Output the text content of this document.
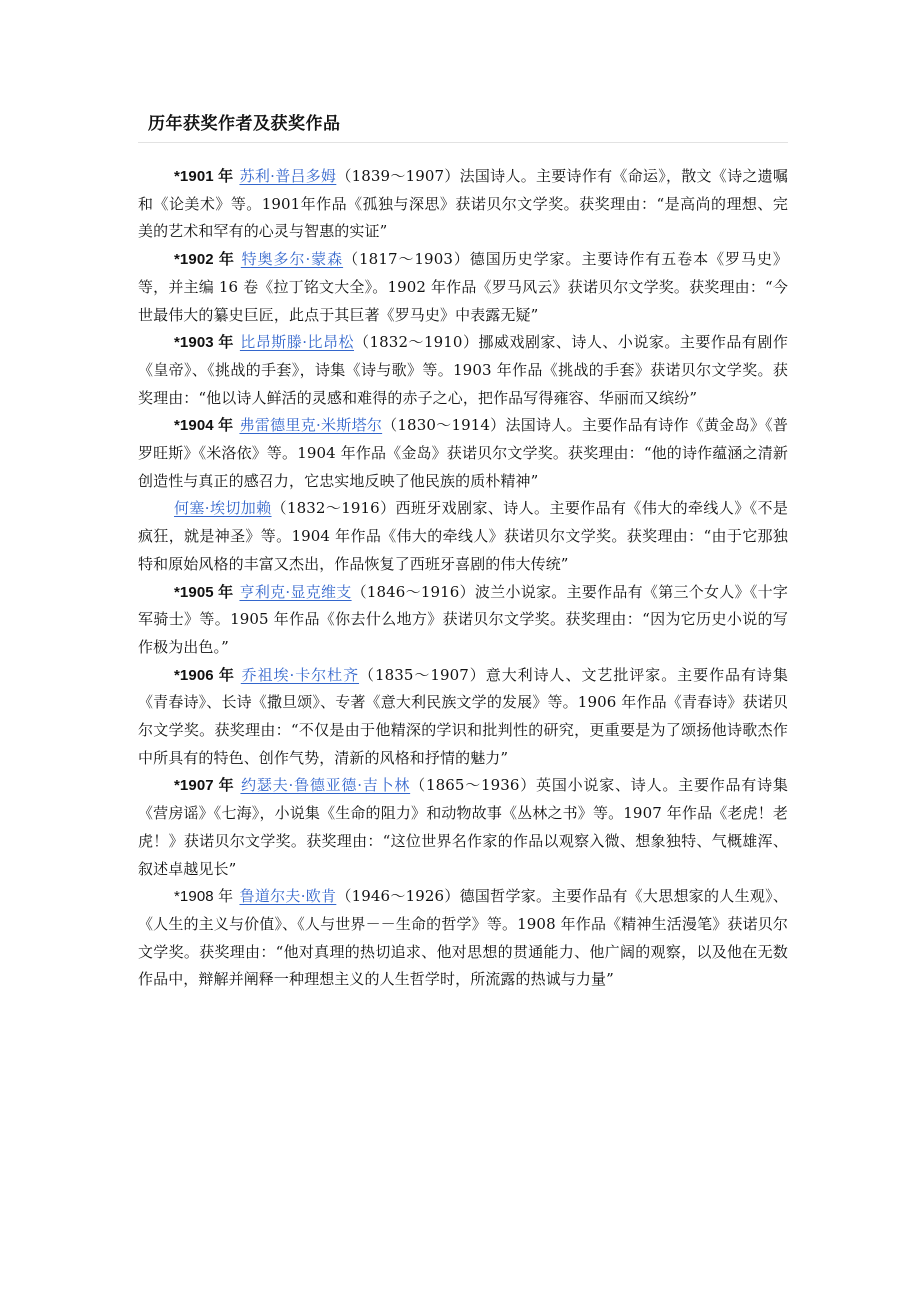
历年获奖作者及获奖作品

*1901 年 苏利·普吕多姆（1839～1907）法国诗人。主要诗作有《命运》，散文《诗之遗嘱和《论美术》等。1901年作品《孤独与深思》获诺贝尔文学奖。获奖理由：“是高尚的理想、完美的艺术和罕有的心灵与智惠的实证”

*1902 年 特奥多尔·蒙森（1817～1903）德国历史学家。主要诗作有五卷本《罗马史》等，并主编 16 卷《拉丁铭文大全》。1902 年作品《罗马风云》获诺贝尔文学奖。获奖理由：“今世最伟大的纂史巨匠，此点于其巨著《罗马史》中表露无疑”

*1903 年 比昂斯滕·比昂松（1832～1910）挪威戏剧家、诗人、小说家。主要作品有剧作《皇帝》、《挑战的手套》，诗集《诗与歌》等。1903 年作品《挑战的手套》获诺贝尔文学奖。获奖理由：“他以诗人鲜活的灵感和难得的赤子之心，把作品写得雍容、华丽而又缤纷”

*1904 年 弗雷德里克·米斯塔尔（1830～1914）法国诗人。主要作品有诗作《黄金岛》《普罗旺斯》《米洛依》等。1904 年作品《金岛》获诺贝尔文学奖。获奖理由：“他的诗作蕴涵之清新创造性与真正的感召力，它忠实地反映了他民族的质朴精神”

何塞·埃切加赖（1832～1916）西班牙戏剧家、诗人。主要作品有《伟大的牵线人》《不是疯狂，就是神圣》等。1904 年作品《伟大的牵线人》获诺贝尔文学奖。获奖理由：“由于它那独特和原始风格的丰富又杰出，作品恢复了西班牙喜剧的伟大传统”

*1905 年 亨利克·显克维支（1846～1916）波兰小说家。主要作品有《第三个女人》《十字军骑士》等。1905 年作品《你去什么地方》获诺贝尔文学奖。获奖理由：“因为它历史小说的写作极为出色。”

*1906 年 乔祖埃·卡尔杜齐（1835～1907）意大利诗人、文艺批评家。主要作品有诗集《青春诗》、长诗《撒旦颂》、专著《意大利民族文学的发展》等。1906 年作品《青春诗》获诺贝尔文学奖。获奖理由：“不仅是由于他精深的学识和批判性的研究，更重要是为了颂扬他诗歌杰作中所具有的特色、创作气势，清新的风格和抒情的魅力”

*1907 年 约瑟夫·鲁德亚德·吉卜林（1865～1936）英国小说家、诗人。主要作品有诗集《营房谣》《七海》，小说集《生命的阻力》和动物故事《丛林之书》等。1907 年作品《老虎！老虎！》获诺贝尔文学奖。获奖理由：“这位世界名作家的作品以观察入微、想象独特、气概雄浑、叙述卓越见长”

*1908 年 鲁道尔夫·欧肯（1946～1926）德国哲学家。主要作品有《大思想家的人生观》、《人生的主义与价值》、《人与世界－－生命的哲学》等。1908 年作品《精神生活漫笔》获诺贝尔文学奖。获奖理由：“他对真理的热切追求、他对思想的贯通能力、他广阔的观察，以及他在无数作品中，辩解并阐释一种理想主义的人生哲学时，所流露的热诚与力量”
